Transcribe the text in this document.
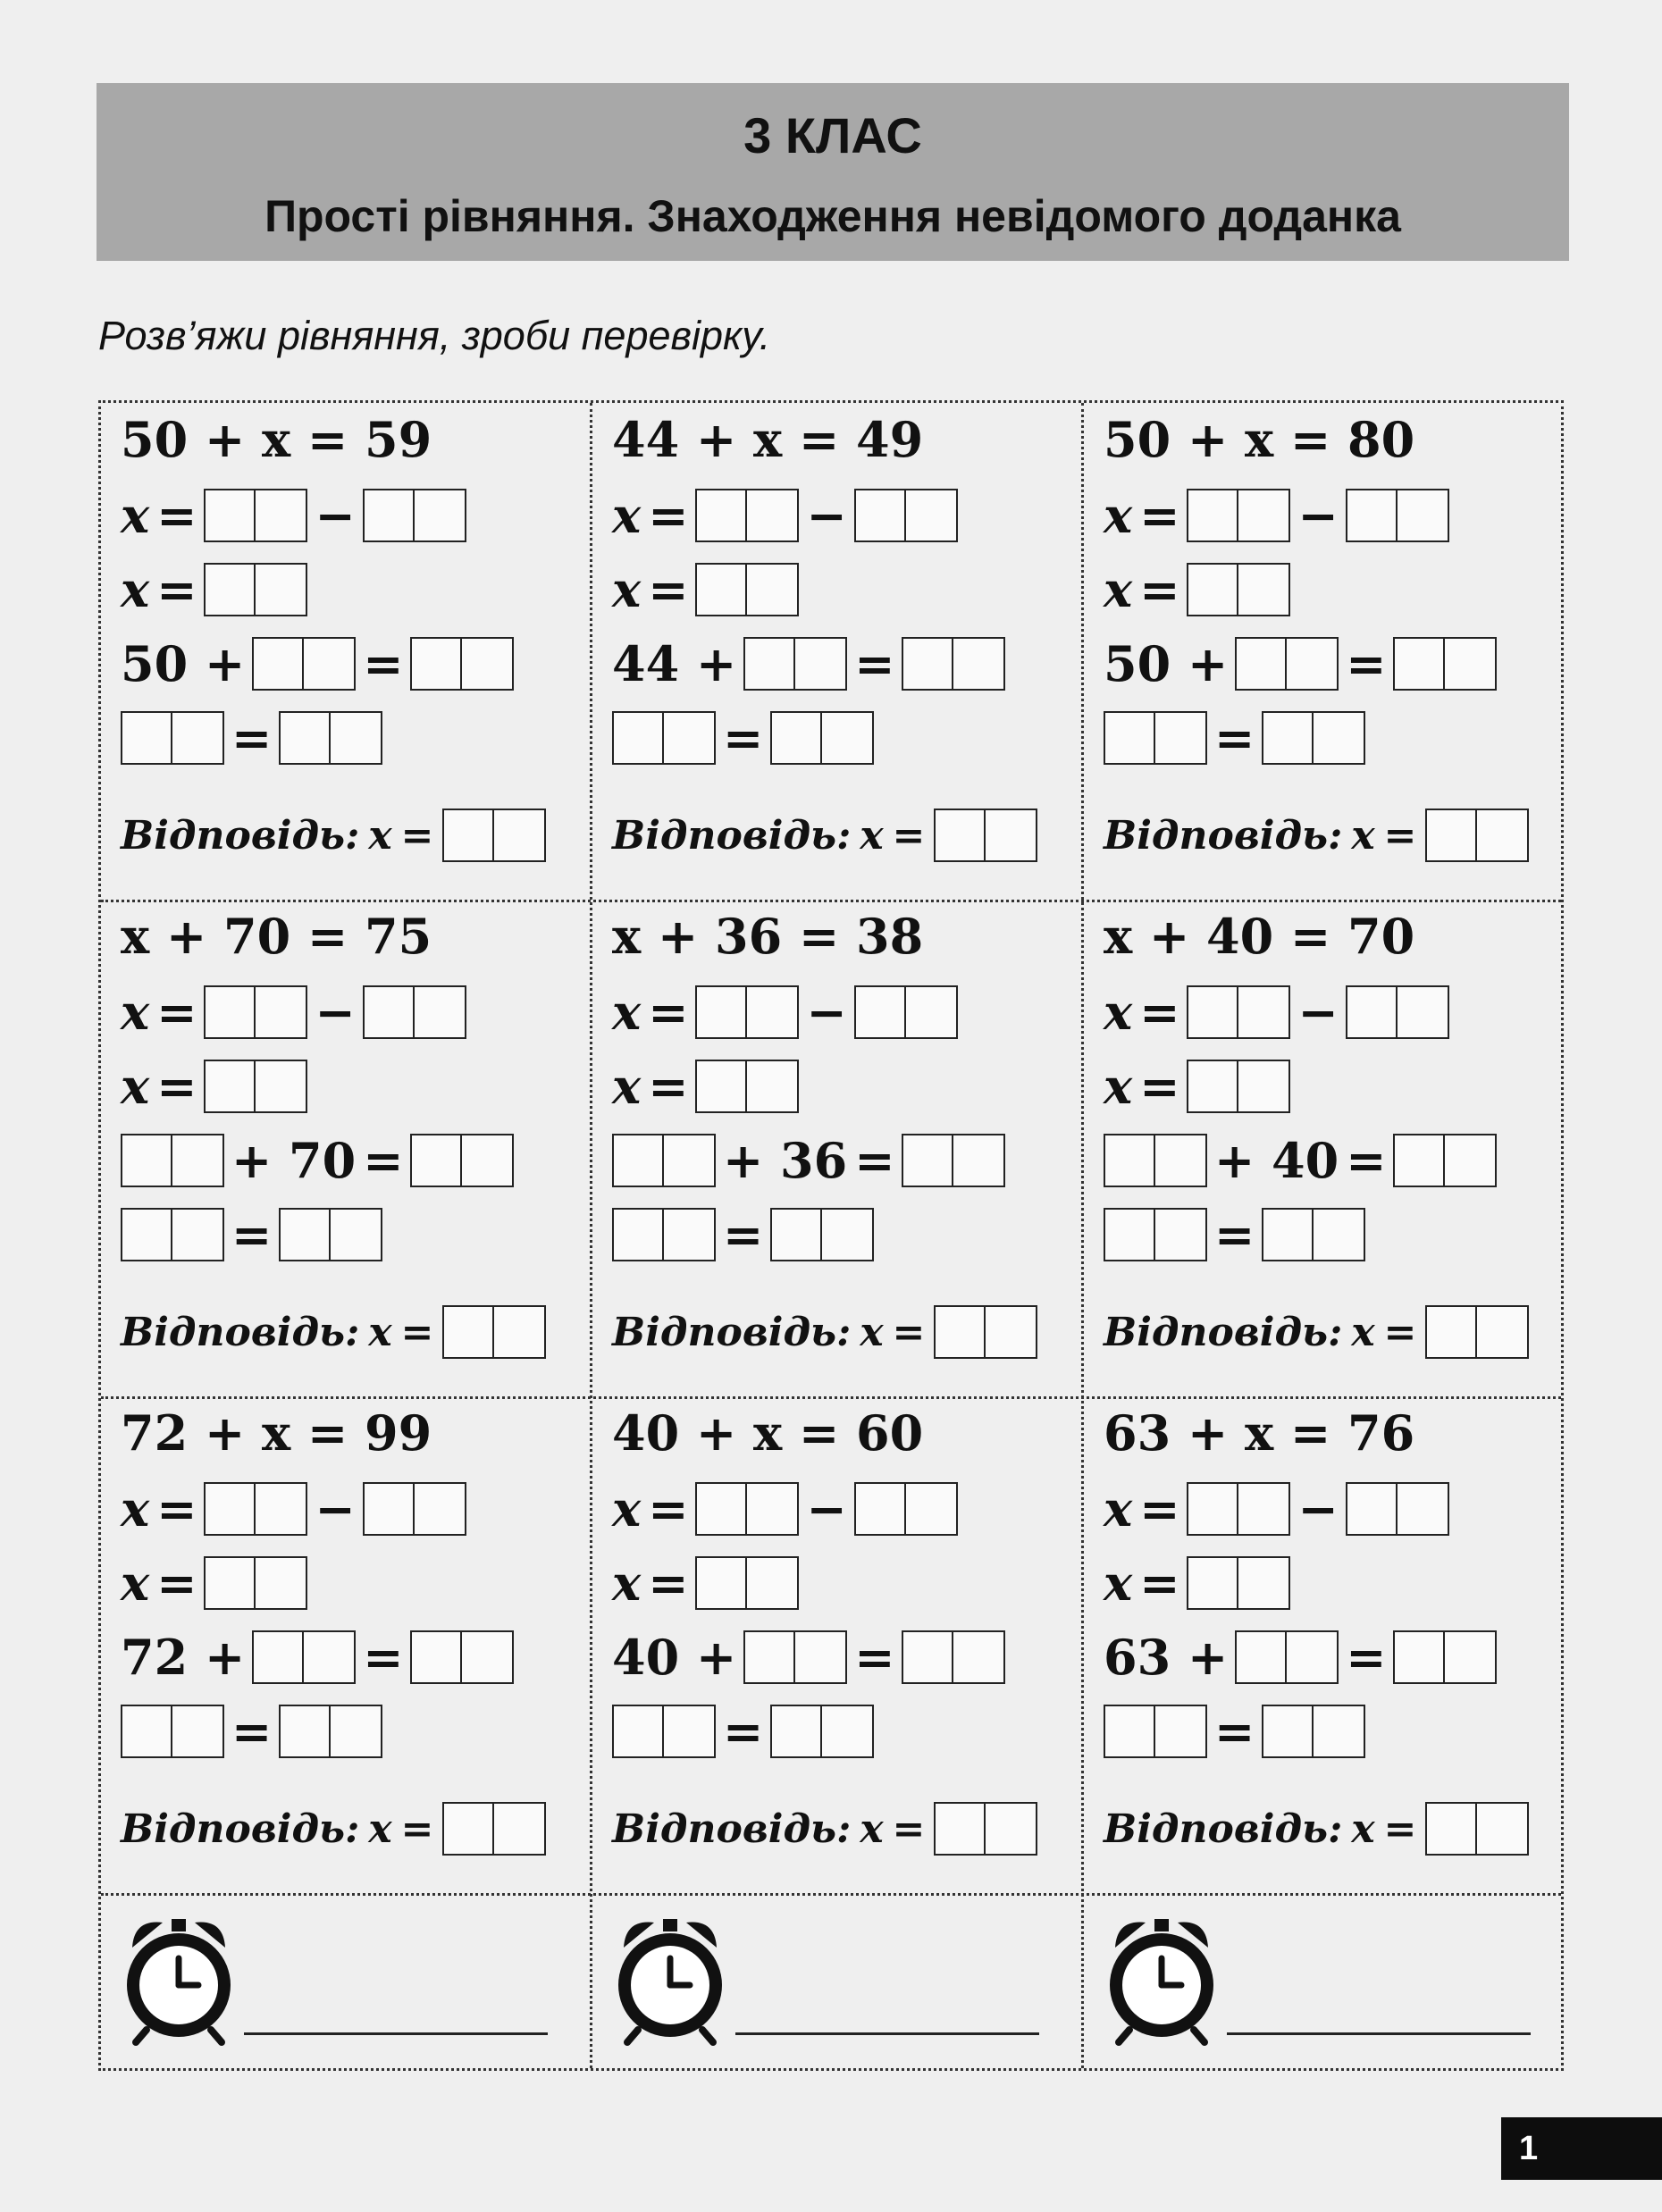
3 КЛАС
Прості рівняння. Знаходження невідомого доданка
Розв’яжи рівняння, зроби перевірку.
50 + x = 59
x = −
x =
50 + =
=
Відповідь: x =
44 + x = 49
x = −
x =
44 + =
=
Відповідь: x =
50 + x = 80
x = −
x =
50 + =
=
Відповідь: x =
x + 70 = 75
x = −
x =
+ 70 =
=
Відповідь: x =
x + 36 = 38
x = −
x =
+ 36 =
=
Відповідь: x =
x + 40 = 70
x = −
x =
+ 40 =
=
Відповідь: x =
72 + x = 99
x = −
x =
72 + =
=
Відповідь: x =
40 + x = 60
x = −
x =
40 + =
=
Відповідь: x =
63 + x = 76
x = −
x =
63 + =
=
Відповідь: x =
1
